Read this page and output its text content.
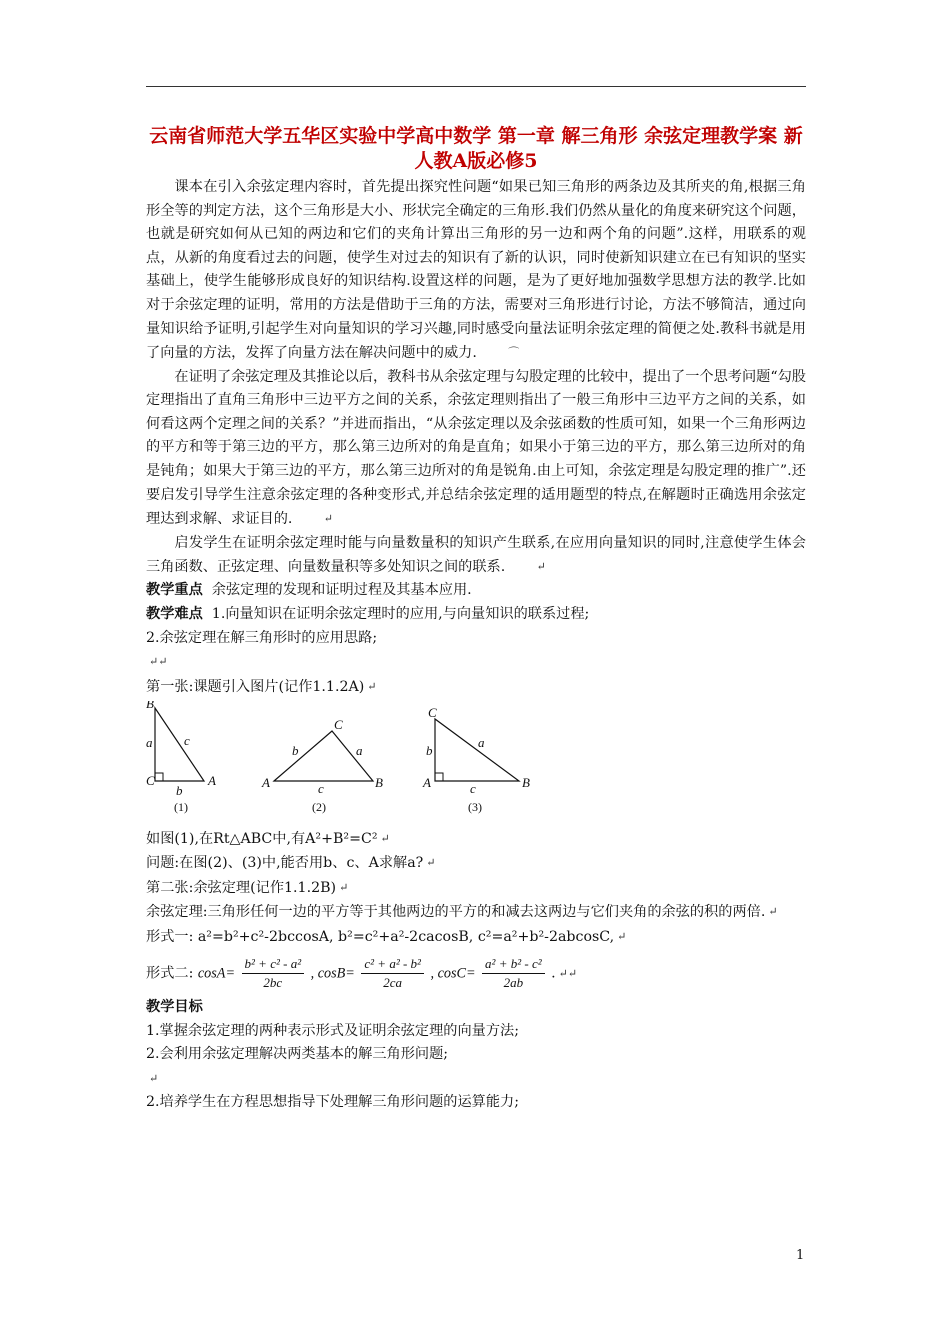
云南省师范大学五华区实验中学高中数学 第一章 解三角形 余弦定理教学案 新人教A版必修5

课本在引入余弦定理内容时，首先提出探究性问题“如果已知三角形的两条边及其所夹的角,根据三角形全等的判定方法，这个三角形是大小、形状完全确定的三角形.我们仍然从量化的角度来研究这个问题，也就是研究如何从已知的两边和它们的夹角计算出三角形的另一边和两个角的问题”.这样，用联系的观点，从新的角度看过去的问题，使学生对过去的知识有了新的认识，同时使新知识建立在已有知识的坚实基础上，使学生能够形成良好的知识结构.设置这样的问题，是为了更好地加强数学思想方法的教学.比如对于余弦定理的证明，常用的方法是借助于三角的方法，需要对三角形进行讨论，方法不够简洁，通过向量知识给予证明,引起学生对向量知识的学习兴趣,同时感受向量法证明余弦定理的简便之处.教科书就是用了向量的方法，发挥了向量方法在解决问题中的威力.	⌒

在证明了余弦定理及其推论以后，教科书从余弦定理与勾股定理的比较中，提出了一个思考问题“勾股定理指出了直角三角形中三边平方之间的关系，余弦定理则指出了一般三角形中三边平方之间的关系，如何看这两个定理之间的关系？”并进而指出，“从余弦定理以及余弦函数的性质可知，如果一个三角形两边的平方和等于第三边的平方，那么第三边所对的角是直角；如果小于第三边的平方，那么第三边所对的角是钝角；如果大于第三边的平方，那么第三边所对的角是锐角.由上可知，余弦定理是勾股定理的推广”.还要启发引导学生注意余弦定理的各种变形式,并总结余弦定理的适用题型的特点,在解题时正确选用余弦定理达到求解、求证目的.	↵

启发学生在证明余弦定理时能与向量数量积的知识产生联系,在应用向量知识的同时,注意使学生体会三角函数、正弦定理、向量数量积等多处知识之间的联系.	↵

教学重点 余弦定理的发现和证明过程及其基本应用.

教学难点 1.向量知识在证明余弦定理时的应用,与向量知识的联系过程;

2.余弦定理在解三角形时的应用思路;

↵↵

第一张:课题引入图片(记作1.1.2A) ↵

B
C	A
a c
b
(1)
C
A	B
b	a
c
(2)
C
A	B
b
a
c
(3)

如图(1),在Rt△ABC中,有A²+B²=C² ↵

问题:在图(2)、(3)中,能否用b、c、A求解a? ↵

第二张:余弦定理(记作1.1.2B) ↵

余弦定理:三角形任何一边的平方等于其他两边的平方的和减去这两边与它们夹角的余弦的积的两倍. ↵

形式一: a²=b²+c²-2bccosA, b²=c²+a²-2cacosB, c²=a²+b²-2abcosC, ↵

形式二: $\cos A= \frac{\text{b² + c² - a²}}{2bc}$ , $\cos B= \frac{\text{c² + a² - b²}}{2ca}$ , $\cos C= \frac{\text{a² + b² - c²}}{2ab}$ . ↵↵

教学目标

1.掌握余弦定理的两种表示形式及证明余弦定理的向量方法;

2.会利用余弦定理解决两类基本的解三角形问题;

↵

2.培养学生在方程思想指导下处理解三角形问题的运算能力;

1
